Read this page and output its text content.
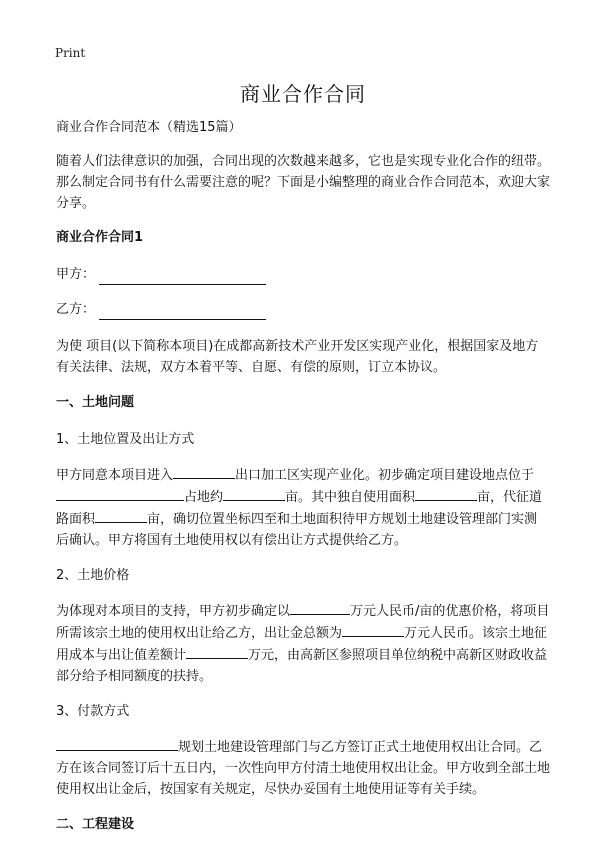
Print
商业合作合同

商业合作合同范本（精选15篇）

随着人们法律意识的加强，合同出现的次数越来越多，它也是实现专业化合作的纽带。那么制定合同书有什么需要注意的呢？下面是小编整理的商业合作合同范本，欢迎大家分享。

商业合作合同1

甲方：
乙方：

为使 项目(以下简称本项目)在成都高新技术产业开发区实现产业化，根据国家及地方有关法律、法规，双方本着平等、自愿、有偿的原则，订立本协议。

一、土地问题

1、土地位置及出让方式

甲方同意本项目进入	出口加工区实现产业化。初步确定项目建设地点位于占地约	亩。其中独自使用面积	亩，代征道路面积	亩，确切位置坐标四至和土地面积待甲方规划土地建设管理部门实测后确认。甲方将国有土地使用权以有偿出让方式提供给乙方。

2、土地价格

为体现对本项目的支持，甲方初步确定以	万元人民币/亩的优惠价格，将项目所需该宗土地的使用权出让给乙方，出让金总额为	万元人民币。该宗土地征用成本与出让值差额计	万元，由高新区参照项目单位纳税中高新区财政收益部分给予相同额度的扶持。

3、付款方式

规划土地建设管理部门与乙方签订正式土地使用权出让合同。乙方在该合同签订后十五日内，一次性向甲方付清土地使用权出让金。甲方收到全部土地使用权出让金后，按国家有关规定，尽快办妥国有土地使用证等有关手续。

二、工程建设
